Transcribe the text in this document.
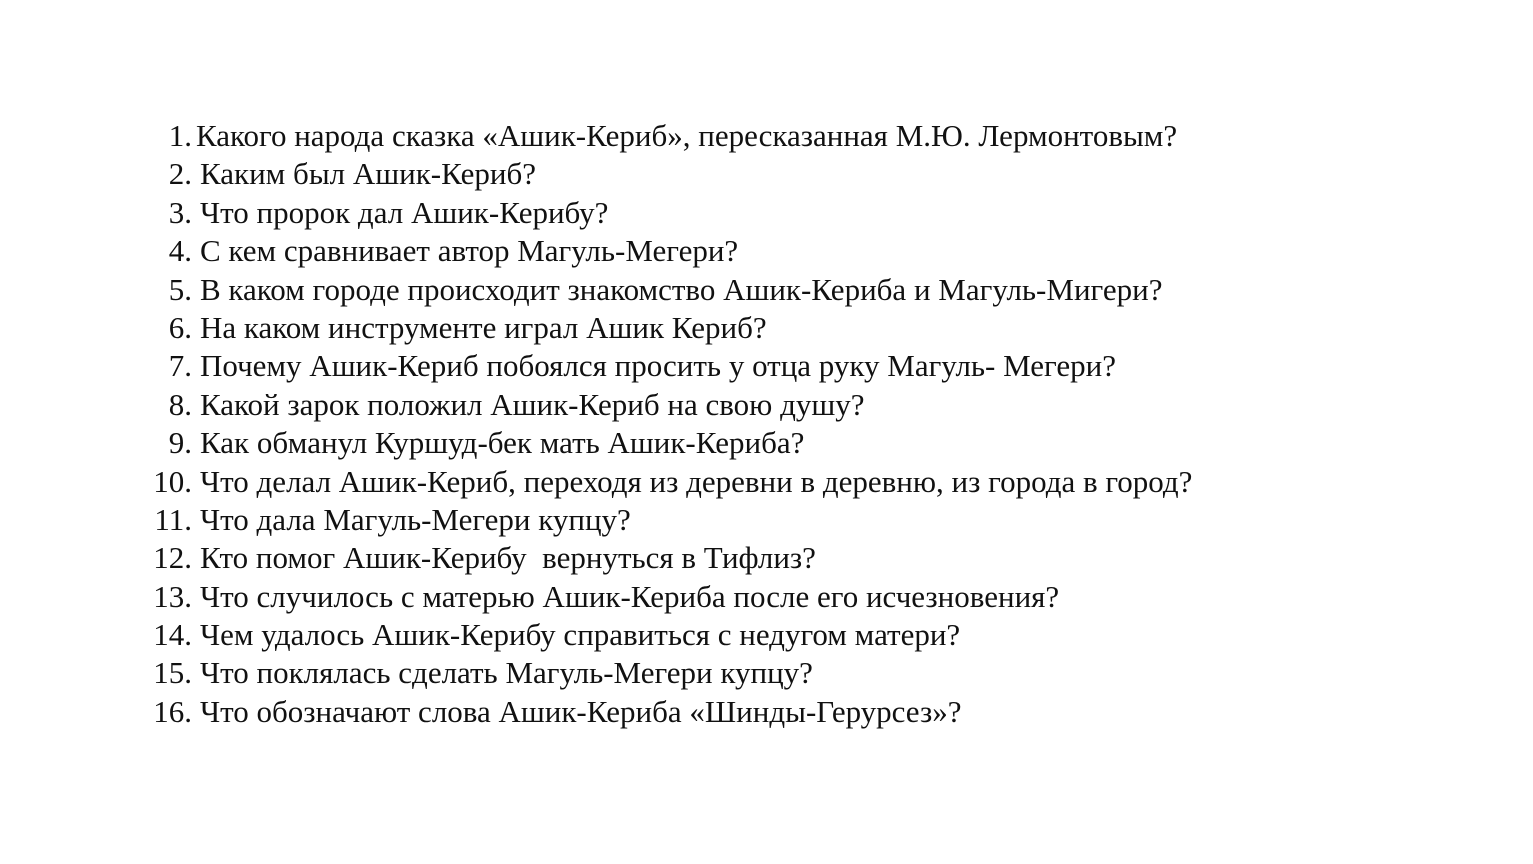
1. Какого народа сказка «Ашик-Кериб», пересказанная М.Ю. Лермонтовым?
2. Каким был Ашик-Кериб?
3. Что пророк дал Ашик-Керибу?
4. С кем сравнивает автор Магуль-Мегери?
5. В каком городе происходит знакомство Ашик-Кериба и Магуль-Мигери?
6. На каком инструменте играл Ашик Кериб?
7. Почему Ашик-Кериб побоялся просить у отца руку Магуль- Мегери?
8. Какой зарок положил Ашик-Кериб на свою душу?
9. Как обманул Куршуд-бек мать Ашик-Кериба?
10. Что делал Ашик-Кериб, переходя из деревни в деревню, из города в город?
11. Что дала Магуль-Мегери купцу?
12. Кто помог Ашик-Керибу  вернуться в Тифлиз?
13. Что случилось с матерью Ашик-Кериба после его исчезновения?
14. Чем удалось Ашик-Керибу справиться с недугом матери?
15. Что поклялась сделать Магуль-Мегери купцу?
16. Что обозначают слова Ашик-Кериба «Шинды-Герурсез»?
